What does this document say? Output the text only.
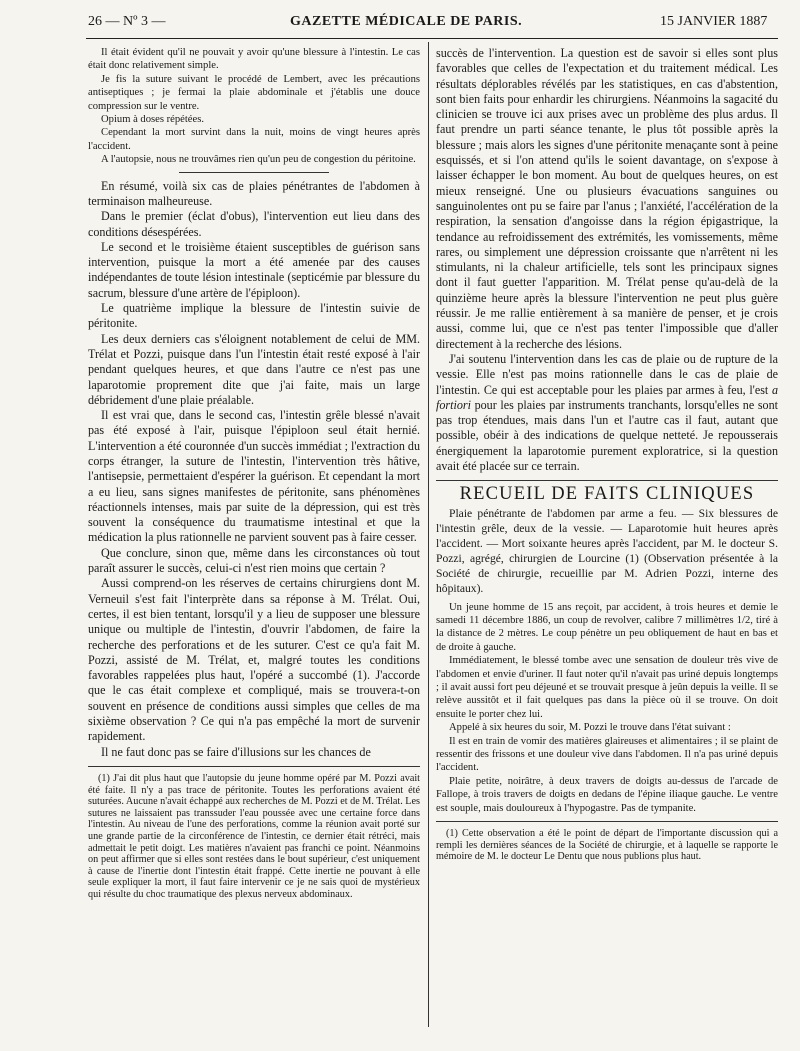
26 — Nº 3 —	GAZETTE MÉDICALE DE PARIS.	15 JANVIER 1887

Il était évident qu'il ne pouvait y avoir qu'une blessure à l'intestin. Le cas était donc relativement simple.

Je fis la suture suivant le procédé de Lembert, avec les précautions antiseptiques ; je fermai la plaie abdominale et j'établis une douce compression sur le ventre.

Opium à doses répétées.

Cependant la mort survint dans la nuit, moins de vingt heures après l'accident.

A l'autopsie, nous ne trouvâmes rien qu'un peu de congestion du péritoine.

En résumé, voilà six cas de plaies pénétrantes de l'abdomen à terminaison malheureuse.

Dans le premier (éclat d'obus), l'intervention eut lieu dans des conditions désespérées.

Le second et le troisième étaient susceptibles de guérison sans intervention, puisque la mort a été amenée par des causes indépendantes de toute lésion intestinale (septicémie par blessure du sacrum, blessure d'une artère de l'épiploon).

Le quatrième implique la blessure de l'intestin suivie de péritonite.

Les deux derniers cas s'éloignent notablement de celui de MM. Trélat et Pozzi, puisque dans l'un l'intestin était resté exposé à l'air pendant quelques heures, et que dans l'autre ce n'est pas une laparotomie proprement dite que j'ai faite, mais un large débridement d'une plaie préalable.

Il est vrai que, dans le second cas, l'intestin grêle blessé n'avait pas été exposé à l'air, puisque l'épiploon seul était hernié. L'intervention a été couronnée d'un succès immédiat ; l'extraction du corps étranger, la suture de l'intestin, l'intervention très hâtive, l'antisepsie, permettaient d'espérer la guérison. Et cependant la mort a eu lieu, sans signes manifestes de péritonite, sans phénomènes réactionnels intenses, mais par suite de la dépression, qui est très souvent la conséquence du traumatisme intestinal et que la médication la plus rationnelle ne parvient souvent pas à faire cesser.

Que conclure, sinon que, même dans les circonstances où tout paraît assurer le succès, celui-ci n'est rien moins que certain ?

Aussi comprend-on les réserves de certains chirurgiens dont M. Verneuil s'est fait l'interprète dans sa réponse à M. Trélat. Oui, certes, il est bien tentant, lorsqu'il y a lieu de supposer une blessure unique ou multiple de l'intestin, d'ouvrir l'abdomen, de faire la recherche des perforations et de les suturer. C'est ce qu'a fait M. Pozzi, assisté de M. Trélat, et, malgré toutes les conditions favorables rappelées plus haut, l'opéré a succombé (1). J'accorde que le cas était complexe et compliqué, mais se trouvera-t-on souvent en présence de conditions aussi simples que celles de ma sixième observation ? Ce qui n'a pas empêché la mort de survenir rapidement.

Il ne faut donc pas se faire d'illusions sur les chances de

(1) J'ai dit plus haut que l'autopsie du jeune homme opéré par M. Pozzi avait été faite. Il n'y a pas trace de péritonite. Toutes les perforations avaient été suturées. Aucune n'avait échappé aux recherches de M. Pozzi et de M. Trélat. Les sutures ne laissaient pas transsuder l'eau poussée avec une certaine force dans l'intestin. Au niveau de l'une des perforations, comme la réunion avait porté sur une grande partie de la circonférence de l'intestin, ce dernier était rétréci, mais admettait le petit doigt. Les matières n'avaient pas franchi ce point. Néanmoins on peut affirmer que si elles sont restées dans le bout supérieur, c'est uniquement à cause de l'inertie dont l'intestin était frappé. Cette inertie ne pouvant à elle seule expliquer la mort, il faut faire intervenir ce je ne sais quoi de mystérieux qui résulte du choc traumatique des plexus nerveux abdominaux.

succès de l'intervention. La question est de savoir si elles sont plus favorables que celles de l'expectation et du traitement médical. Les résultats déplorables révélés par les statistiques, en cas d'abstention, sont bien faits pour enhardir les chirurgiens. Néanmoins la sagacité du clinicien se trouve ici aux prises avec un problème des plus ardus. Il faut prendre un parti séance tenante, le plus tôt possible après la blessure ; mais alors les signes d'une péritonite menaçante sont à peine esquissés, et si l'on attend qu'ils le soient davantage, on s'expose à laisser échapper le bon moment. Au bout de quelques heures, on est mieux renseigné. Une ou plusieurs évacuations sanguines ou sanguinolentes ont pu se faire par l'anus ; l'anxiété, l'accélération de la respiration, la sensation d'angoisse dans la région épigastrique, la tendance au refroidissement des extrémités, les vomissements, même rares, ou simplement une dépression croissante que n'arrêtent ni les stimulants, ni la chaleur artificielle, tels sont les principaux signes dont il faut guetter l'apparition. M. Trélat pense qu'au-delà de la quinzième heure après la blessure l'intervention ne peut plus guère réussir. Je me rallie entièrement à sa manière de penser, et je crois aussi, comme lui, que ce n'est pas tenter l'impossible que d'aller directement à la recherche des lésions.

J'ai soutenu l'intervention dans les cas de plaie ou de rupture de la vessie. Elle n'est pas moins rationnelle dans le cas de plaie de l'intestin. Ce qui est acceptable pour les plaies par armes à feu, l'est a fortiori pour les plaies par instruments tranchants, lorsqu'elles ne sont pas trop étendues, mais dans l'un et l'autre cas il faut, autant que possible, obéir à des indications de quelque netteté. Je repousserais énergiquement la laparotomie purement exploratrice, si la question avait été placée sur ce terrain.

RECUEIL DE FAITS CLINIQUES

Plaie pénétrante de l'abdomen par arme a feu. — Six blessures de l'intestin grêle, deux de la vessie. — Laparotomie huit heures après l'accident. — Mort soixante heures après l'accident, par M. le docteur S. Pozzi, agrégé, chirurgien de Lourcine (1) (Observation présentée à la Société de chirurgie, recueillie par M. Adrien Pozzi, interne des hôpitaux).

Un jeune homme de 15 ans reçoit, par accident, à trois heures et demie le samedi 11 décembre 1886, un coup de revolver, calibre 7 millimètres 1/2, tiré à la distance de 2 mètres. Le coup pénètre un peu obliquement de haut en bas et de droite à gauche.

Immédiatement, le blessé tombe avec une sensation de douleur très vive de l'abdomen et envie d'uriner. Il faut noter qu'il n'avait pas uriné depuis longtemps ; il avait aussi fort peu déjeuné et se trouvait presque à jeûn depuis la veille. Il se relève aussitôt et il fait quelques pas dans la pièce où il se trouve. On doit ensuite le porter chez lui.

Appelé à six heures du soir, M. Pozzi le trouve dans l'état suivant :

Il est en train de vomir des matières glaireuses et alimentaires ; il se plaint de ressentir des frissons et une douleur vive dans l'abdomen. Il n'a pas uriné depuis l'accident.

Plaie petite, noirâtre, à deux travers de doigts au-dessus de l'arcade de Fallope, à trois travers de doigts en dedans de l'épine iliaque gauche. Le ventre est souple, mais douloureux à l'hypogastre. Pas de tympanite.

(1) Cette observation a été le point de départ de l'importante discussion qui a rempli les dernières séances de la Société de chirurgie, et à laquelle se rapporte le mémoire de M. le docteur Le Dentu que nous publions plus haut.
